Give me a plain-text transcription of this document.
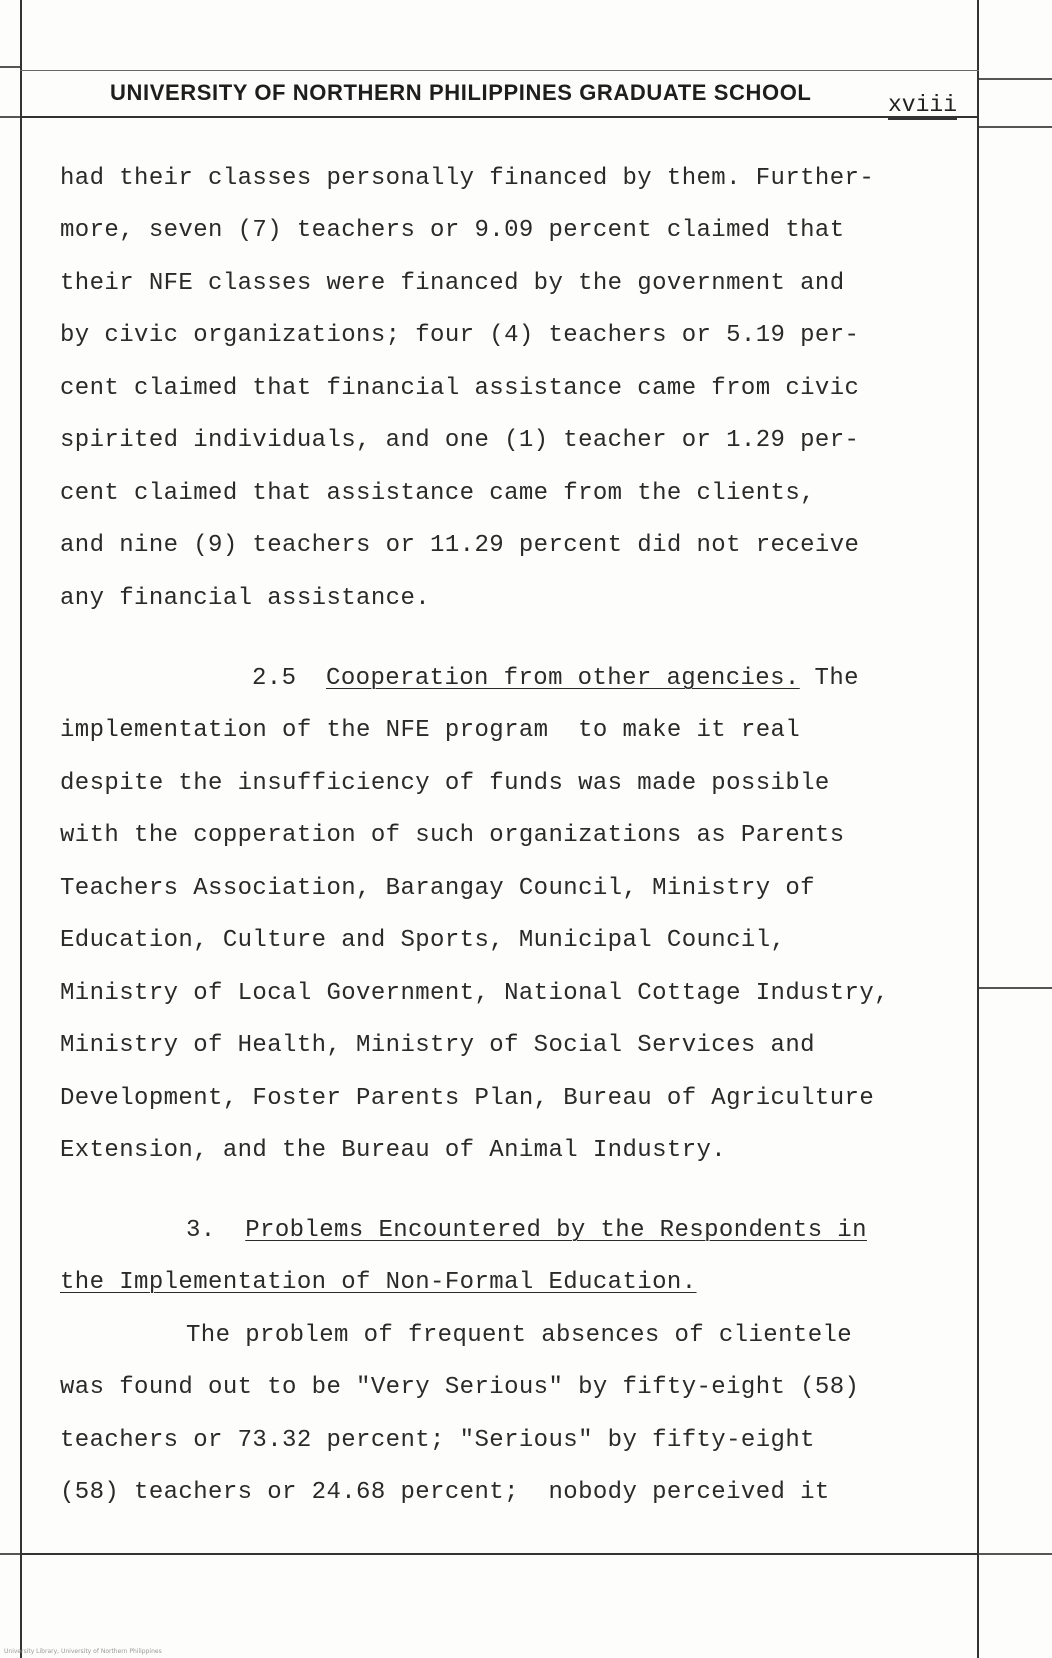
UNIVERSITY OF NORTHERN PHILIPPINES GRADUATE SCHOOL	xviii
had their classes personally financed by them. Further-
more, seven (7) teachers or 9.09 percent claimed that
their NFE classes were financed by the government and
by civic organizations; four (4) teachers or 5.19 per-
cent claimed that financial assistance came from civic
spirited individuals, and one (1) teacher or 1.29 per-
cent claimed that assistance came from the clients,
and nine (9) teachers or 11.29 percent did not receive
any financial assistance.
2.5 Cooperation from other agencies. The
implementation of the NFE program  to make it real
despite the insufficiency of funds was made possible
with the copperation of such organizations as Parents
Teachers Association, Barangay Council, Ministry of
Education, Culture and Sports, Municipal Council,
Ministry of Local Government, National Cottage Industry,
Ministry of Health, Ministry of Social Services and
Development, Foster Parents Plan, Bureau of Agriculture
Extension, and the Bureau of Animal Industry.
3. Problems Encountered by the Respondents in
the Implementation of Non-Formal Education.
The problem of frequent absences of clientele
was found out to be "Very Serious" by fifty-eight (58)
teachers or 73.32 percent; "Serious" by fifty-eight
(58) teachers or 24.68 percent;  nobody perceived it
University Library, University of Northern Philippines
